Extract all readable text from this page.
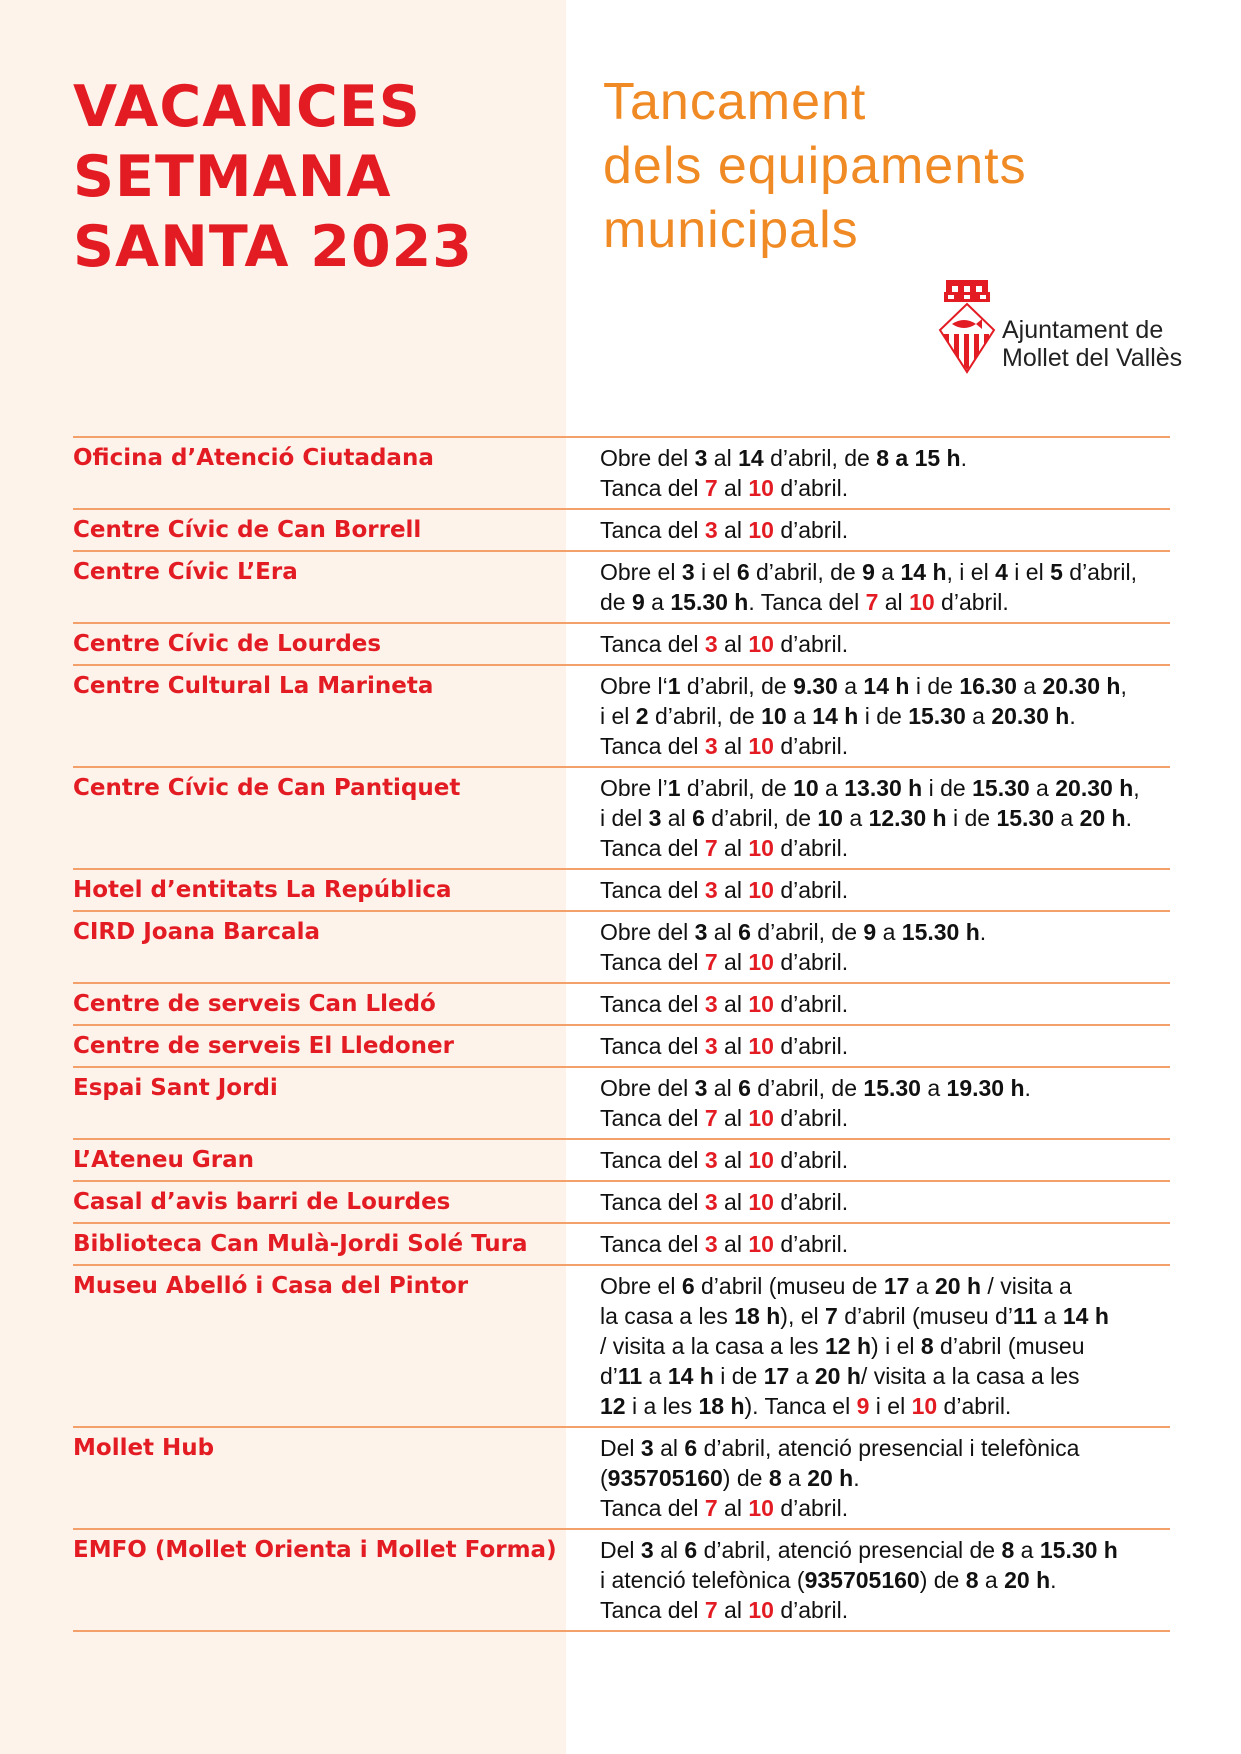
VACANCES
SETMANA
SANTA 2023
Tancament
dels equipaments
municipals
Ajuntament de
Mollet del Vallès
Oficina d’Atenció Ciutadana	Obre del 3 al 14 d’abril, de 8 a 15 h.
Tanca del 7 al 10 d’abril.
Centre Cívic de Can Borrell	Tanca del 3 al 10 d’abril.
Centre Cívic L’Era	Obre el 3 i el 6 d’abril, de 9 a 14 h, i el 4 i el 5 d’abril,
de 9 a 15.30 h. Tanca del 7 al 10 d’abril.
Centre Cívic de Lourdes	Tanca del 3 al 10 d’abril.
Centre Cultural La Marineta	Obre l‘1 d’abril, de 9.30 a 14 h i de 16.30 a 20.30 h,
i el 2 d’abril, de 10 a 14 h i de 15.30 a 20.30 h.
Tanca del 3 al 10 d’abril.
Centre Cívic de Can Pantiquet	Obre l’1 d’abril, de 10 a 13.30 h i de 15.30 a 20.30 h,
i del 3 al 6 d’abril, de 10 a 12.30 h i de 15.30 a 20 h.
Tanca del 7 al 10 d’abril.
Hotel d’entitats La República	Tanca del 3 al 10 d’abril.
CIRD Joana Barcala	Obre del 3 al 6 d’abril, de 9 a 15.30 h.
Tanca del 7 al 10 d’abril.
Centre de serveis Can Lledó	Tanca del 3 al 10 d’abril.
Centre de serveis El Lledoner	Tanca del 3 al 10 d’abril.
Espai Sant Jordi	Obre del 3 al 6 d’abril, de 15.30 a 19.30 h.
Tanca del 7 al 10 d’abril.
L’Ateneu Gran	Tanca del 3 al 10 d’abril.
Casal d’avis barri de Lourdes	Tanca del 3 al 10 d’abril.
Biblioteca Can Mulà-Jordi Solé Tura	Tanca del 3 al 10 d’abril.
Museu Abelló i Casa del Pintor	Obre el 6 d’abril (museu de 17 a 20 h / visita a
la casa a les 18 h), el 7 d’abril (museu d’11 a 14 h
/ visita a la casa a les 12 h) i el 8 d’abril (museu
d’11 a 14 h i de 17 a 20 h/ visita a la casa a les
12 i a les 18 h). Tanca el 9 i el 10 d’abril.
Mollet Hub	Del 3 al 6 d’abril, atenció presencial i telefònica
(935705160) de 8 a 20 h.
Tanca del 7 al 10 d’abril.
EMFO (Mollet Orienta i Mollet Forma)	Del 3 al 6 d’abril, atenció presencial de 8 a 15.30 h
i atenció telefònica (935705160) de 8 a 20 h.
Tanca del 7 al 10 d’abril.
